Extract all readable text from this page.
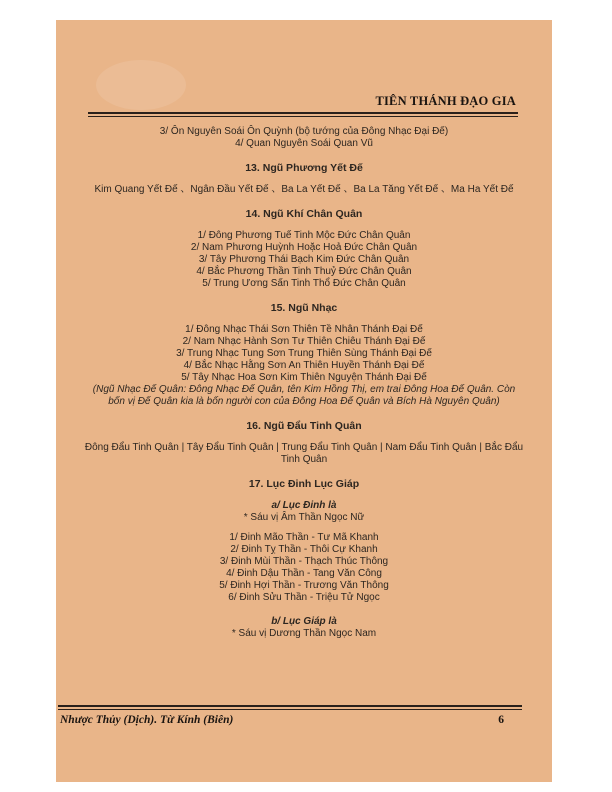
TIÊN THÁNH ĐẠO GIA
3/ Ôn Nguyên Soái Ôn Quỳnh (bộ tướng của Đông Nhạc Đại Đế)
4/ Quan Nguyên Soái Quan Vũ
13. Ngũ Phương Yết Đế
Kim Quang Yết Đế 、Ngân Đầu Yết Đế 、Ba La Yết Đế 、Ba La Tăng Yết Đế 、Ma Ha Yết Đế
14. Ngũ Khí Chân Quân
1/ Đông Phương Tuế Tinh Mộc Đức Chân Quân
2/ Nam Phương Huỳnh Hoặc Hoả Đức Chân Quân
3/ Tây Phương Thái Bạch Kim Đức Chân Quân
4/ Bắc Phương Thần Tinh Thuỷ Đức Chân Quân
5/ Trung Ương Sấn Tinh Thổ Đức Chân Quân
15. Ngũ Nhạc
1/ Đông Nhạc Thái Sơn Thiên Tề Nhân Thánh Đại Đế
2/ Nam Nhạc Hành Sơn Tư Thiên Chiêu Thánh Đại Đế
3/ Trung Nhạc Tung Sơn Trung Thiên Sùng Thánh Đại Đế
4/ Bắc Nhạc Hằng Sơn An Thiên Huyền Thánh Đại Đế
5/ Tây Nhạc Hoa Sơn Kim Thiên Nguyện Thánh Đại Đế
(Ngũ Nhạc Đế Quân: Đông Nhạc Đế Quân, tên Kim Hồng Thị, em trai Đông Hoa Đế Quân. Còn bốn vị Đế Quân kia là bốn người con của Đông Hoa Đế Quân và Bích Hà Nguyên Quân)
16. Ngũ Đẩu Tinh Quân
Đông Đẩu Tinh Quân | Tây Đẩu Tinh Quân | Trung Đẩu Tinh Quân | Nam Đẩu Tinh Quân | Bắc Đẩu Tinh Quân
17. Lục Đinh Lục Giáp
a/ Lục Đinh là
* Sáu vị Âm Thần Ngọc Nữ
1/ Đinh Mão Thần - Tư Mã Khanh
2/ Đinh Tỵ Thần - Thôi Cự Khanh
3/ Đinh Mùi Thần - Thạch Thúc Thông
4/ Đinh Dậu Thần - Tang Văn Công
5/ Đinh Hợi Thần - Trương Văn Thông
6/ Đinh Sửu Thần - Triệu Tử Ngọc
b/ Lục Giáp là
* Sáu vị Dương Thần Ngọc Nam
Nhược Thủy (Dịch). Từ Kính (Biên)	6
